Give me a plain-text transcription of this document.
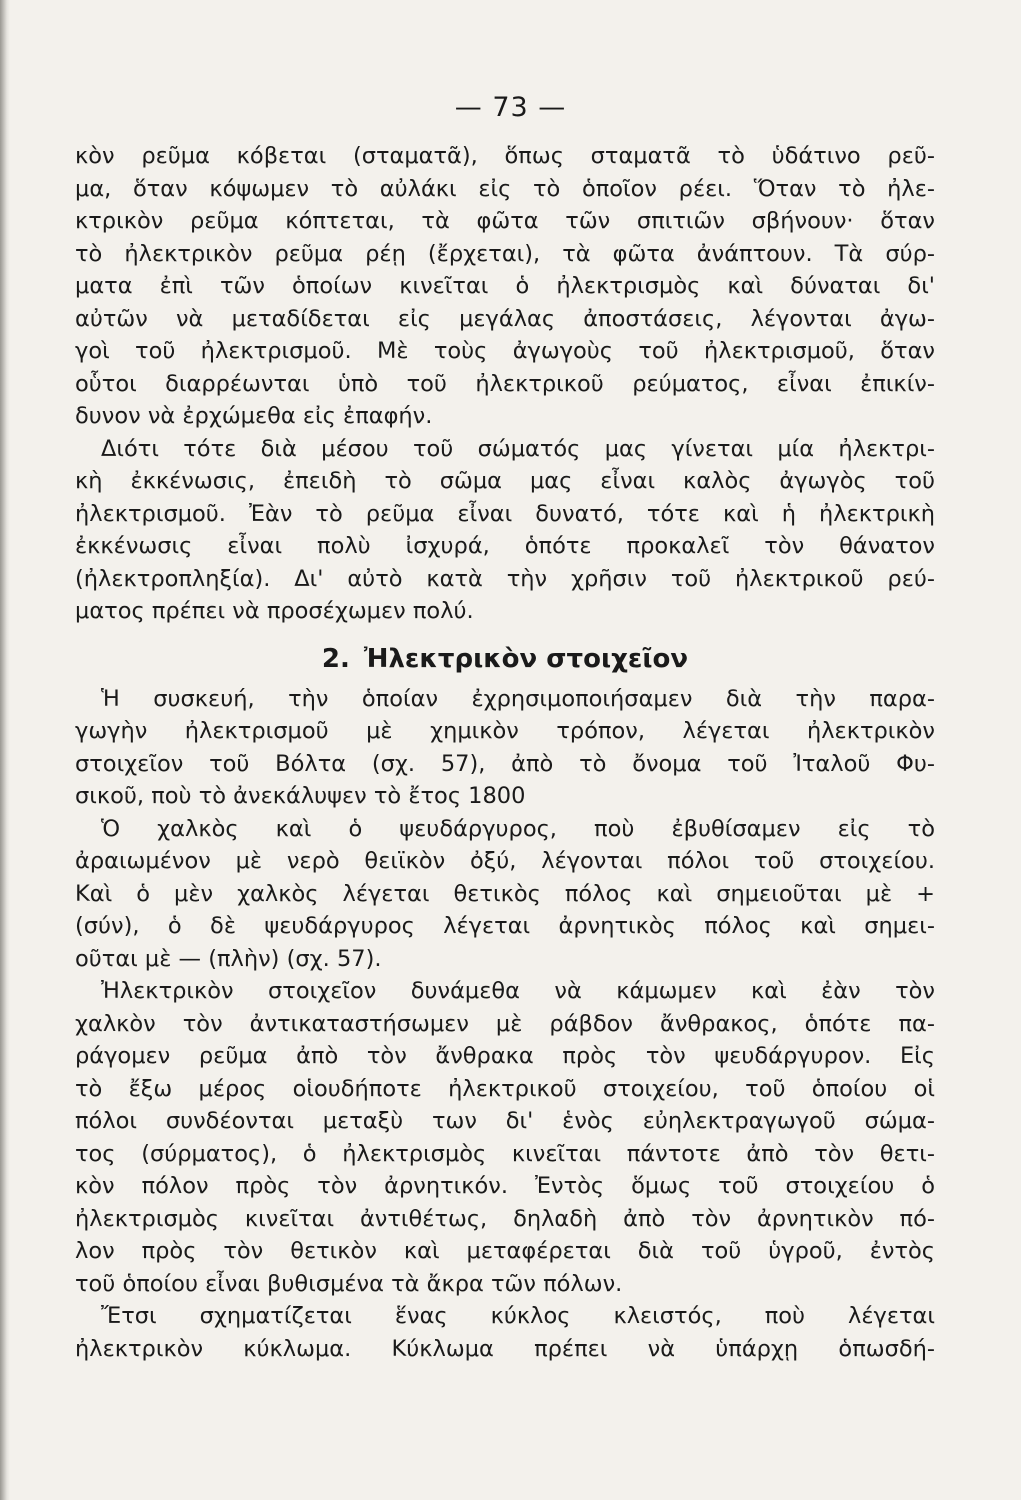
— 73 —
κὸν ρεῦμα κόβεται (σταματᾶ), ὅπως σταματᾶ τὸ ὑδάτινο ρεῦ-
μα, ὅταν κόψωμεν τὸ αὐλάκι εἰς τὸ ὁποῖον ρέει. Ὅταν τὸ ἠλε-
κτρικὸν ρεῦμα κόπτεται, τὰ φῶτα τῶν σπιτιῶν σβήνουν· ὅταν
τὸ ἠλεκτρικὸν ρεῦμα ρέῃ (ἔρχεται), τὰ φῶτα ἀνάπτουν. Τὰ σύρ-
ματα ἐπὶ τῶν ὁποίων κινεῖται ὁ ἠλεκτρισμὸς καὶ δύναται δι'
αὐτῶν νὰ μεταδίδεται εἰς μεγάλας ἀποστάσεις, λέγονται ἀγω-
γοὶ τοῦ ἠλεκτρισμοῦ. Μὲ τοὺς ἀγωγοὺς τοῦ ἠλεκτρισμοῦ, ὅταν
οὗτοι διαρρέωνται ὑπὸ τοῦ ἠλεκτρικοῦ ρεύματος, εἶναι ἐπικίν-
δυνον νὰ ἐρχώμεθα εἰς ἐπαφήν.
Διότι τότε διὰ μέσου τοῦ σώματός μας γίνεται μία ἠλεκτρι-
κὴ ἐκκένωσις, ἐπειδὴ τὸ σῶμα μας εἶναι καλὸς ἀγωγὸς τοῦ
ἠλεκτρισμοῦ. Ἐὰν τὸ ρεῦμα εἶναι δυνατό, τότε καὶ ἡ ἠλεκτρικὴ
ἐκκένωσις εἶναι πολὺ ἰσχυρά, ὁπότε προκαλεῖ τὸν θάνατον
(ἠλεκτροπληξία). Δι' αὐτὸ κατὰ τὴν χρῆσιν τοῦ ἠλεκτρικοῦ ρεύ-
ματος πρέπει νὰ προσέχωμεν πολύ.
2. Ἠλεκτρικὸν στοιχεῖον
Ἡ συσκευή, τὴν ὁποίαν ἐχρησιμοποιήσαμεν διὰ τὴν παρα-
γωγὴν ἠλεκτρισμοῦ μὲ χημικὸν τρόπον, λέγεται ἠλεκτρικὸν
στοιχεῖον τοῦ Βόλτα (σχ. 57), ἀπὸ τὸ ὄνομα τοῦ Ἰταλοῦ Φυ-
σικοῦ, ποὺ τὸ ἀνεκάλυψεν τὸ ἔτος 1800
Ὁ χαλκὸς καὶ ὁ ψευδάργυρος, ποὺ ἐβυθίσαμεν εἰς τὸ
ἀραιωμένον μὲ νερὸ θειϊκὸν ὀξύ, λέγονται πόλοι τοῦ στοιχείου.
Καὶ ὁ μὲν χαλκὸς λέγεται θετικὸς πόλος καὶ σημειοῦται μὲ +
(σύν), ὁ δὲ ψευδάργυρος λέγεται ἀρνητικὸς πόλος καὶ σημει-
οῦται μὲ — (πλὴν) (σχ. 57).
Ἠλεκτρικὸν στοιχεῖον δυνάμεθα νὰ κάμωμεν καὶ ἐὰν τὸν
χαλκὸν τὸν ἀντικαταστήσωμεν μὲ ράβδον ἄνθρακος, ὁπότε πα-
ράγομεν ρεῦμα ἀπὸ τὸν ἄνθρακα πρὸς τὸν ψευδάργυρον. Εἰς
τὸ ἔξω μέρος οἱουδήποτε ἠλεκτρικοῦ στοιχείου, τοῦ ὁποίου οἱ
πόλοι συνδέονται μεταξὺ των δι' ἑνὸς εὐηλεκτραγωγοῦ σώμα-
τος (σύρματος), ὁ ἠλεκτρισμὸς κινεῖται πάντοτε ἀπὸ τὸν θετι-
κὸν πόλον πρὸς τὸν ἀρνητικόν. Ἐντὸς ὅμως τοῦ στοιχείου ὁ
ἠλεκτρισμὸς κινεῖται ἀντιθέτως, δηλαδὴ ἀπὸ τὸν ἀρνητικὸν πό-
λον πρὸς τὸν θετικὸν καὶ μεταφέρεται διὰ τοῦ ὑγροῦ, ἐντὸς
τοῦ ὁποίου εἶναι βυθισμένα τὰ ἄκρα τῶν πόλων.
Ἔτσι σχηματίζεται ἕνας κύκλος κλειστός, ποὺ λέγεται
ἠλεκτρικὸν κύκλωμα. Κύκλωμα πρέπει νὰ ὑπάρχῃ ὁπωσδή-
